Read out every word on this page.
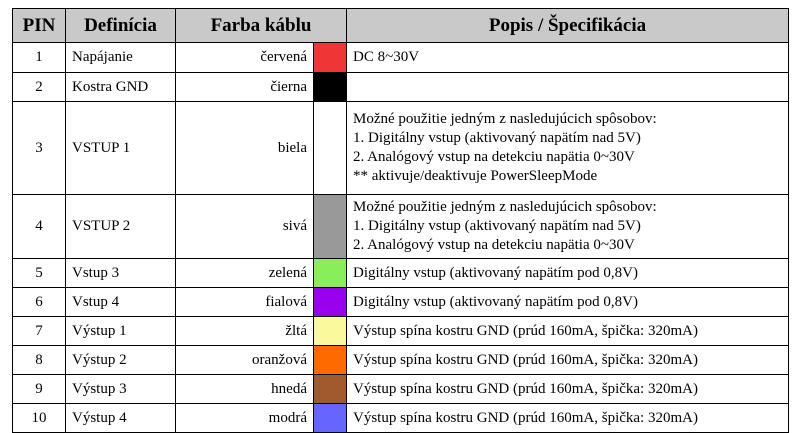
PIN	Definícia	Farba káblu		Popis / Špecifikácia
1	Napájanie	červená		DC 8~30V

2	Kostra GND	čierna		
3	VSTUP 1	biela		Možné použitie jedným z nasledujúcich spôsobov:
1. Digitálny vstup (aktivovaný napätím nad 5V)
2. Analógový vstup na detekciu napätia 0~30V
** aktivuje/deaktivuje PowerSleepMode

4	VSTUP 2	sivá		Možné použitie jedným z nasledujúcich spôsobov:
1. Digitálny vstup (aktivovaný napätím nad 5V)
2. Analógový vstup na detekciu napätia 0~30V

5	Vstup 3	zelená		Digitálny vstup (aktivovaný napätím pod 0,8V)

6	Vstup 4	fialová		Digitálny vstup (aktivovaný napätím pod 0,8V)

7	Výstup 1	žltá		Výstup spína kostru GND (prúd 160mA, špička: 320mA)

8	Výstup 2	oranžová		Výstup spína kostru GND (prúd 160mA, špička: 320mA)

9	Výstup 3	hnedá		Výstup spína kostru GND (prúd 160mA, špička: 320mA)

10	Výstup 4	modrá		Výstup spína kostru GND (prúd 160mA, špička: 320mA)
